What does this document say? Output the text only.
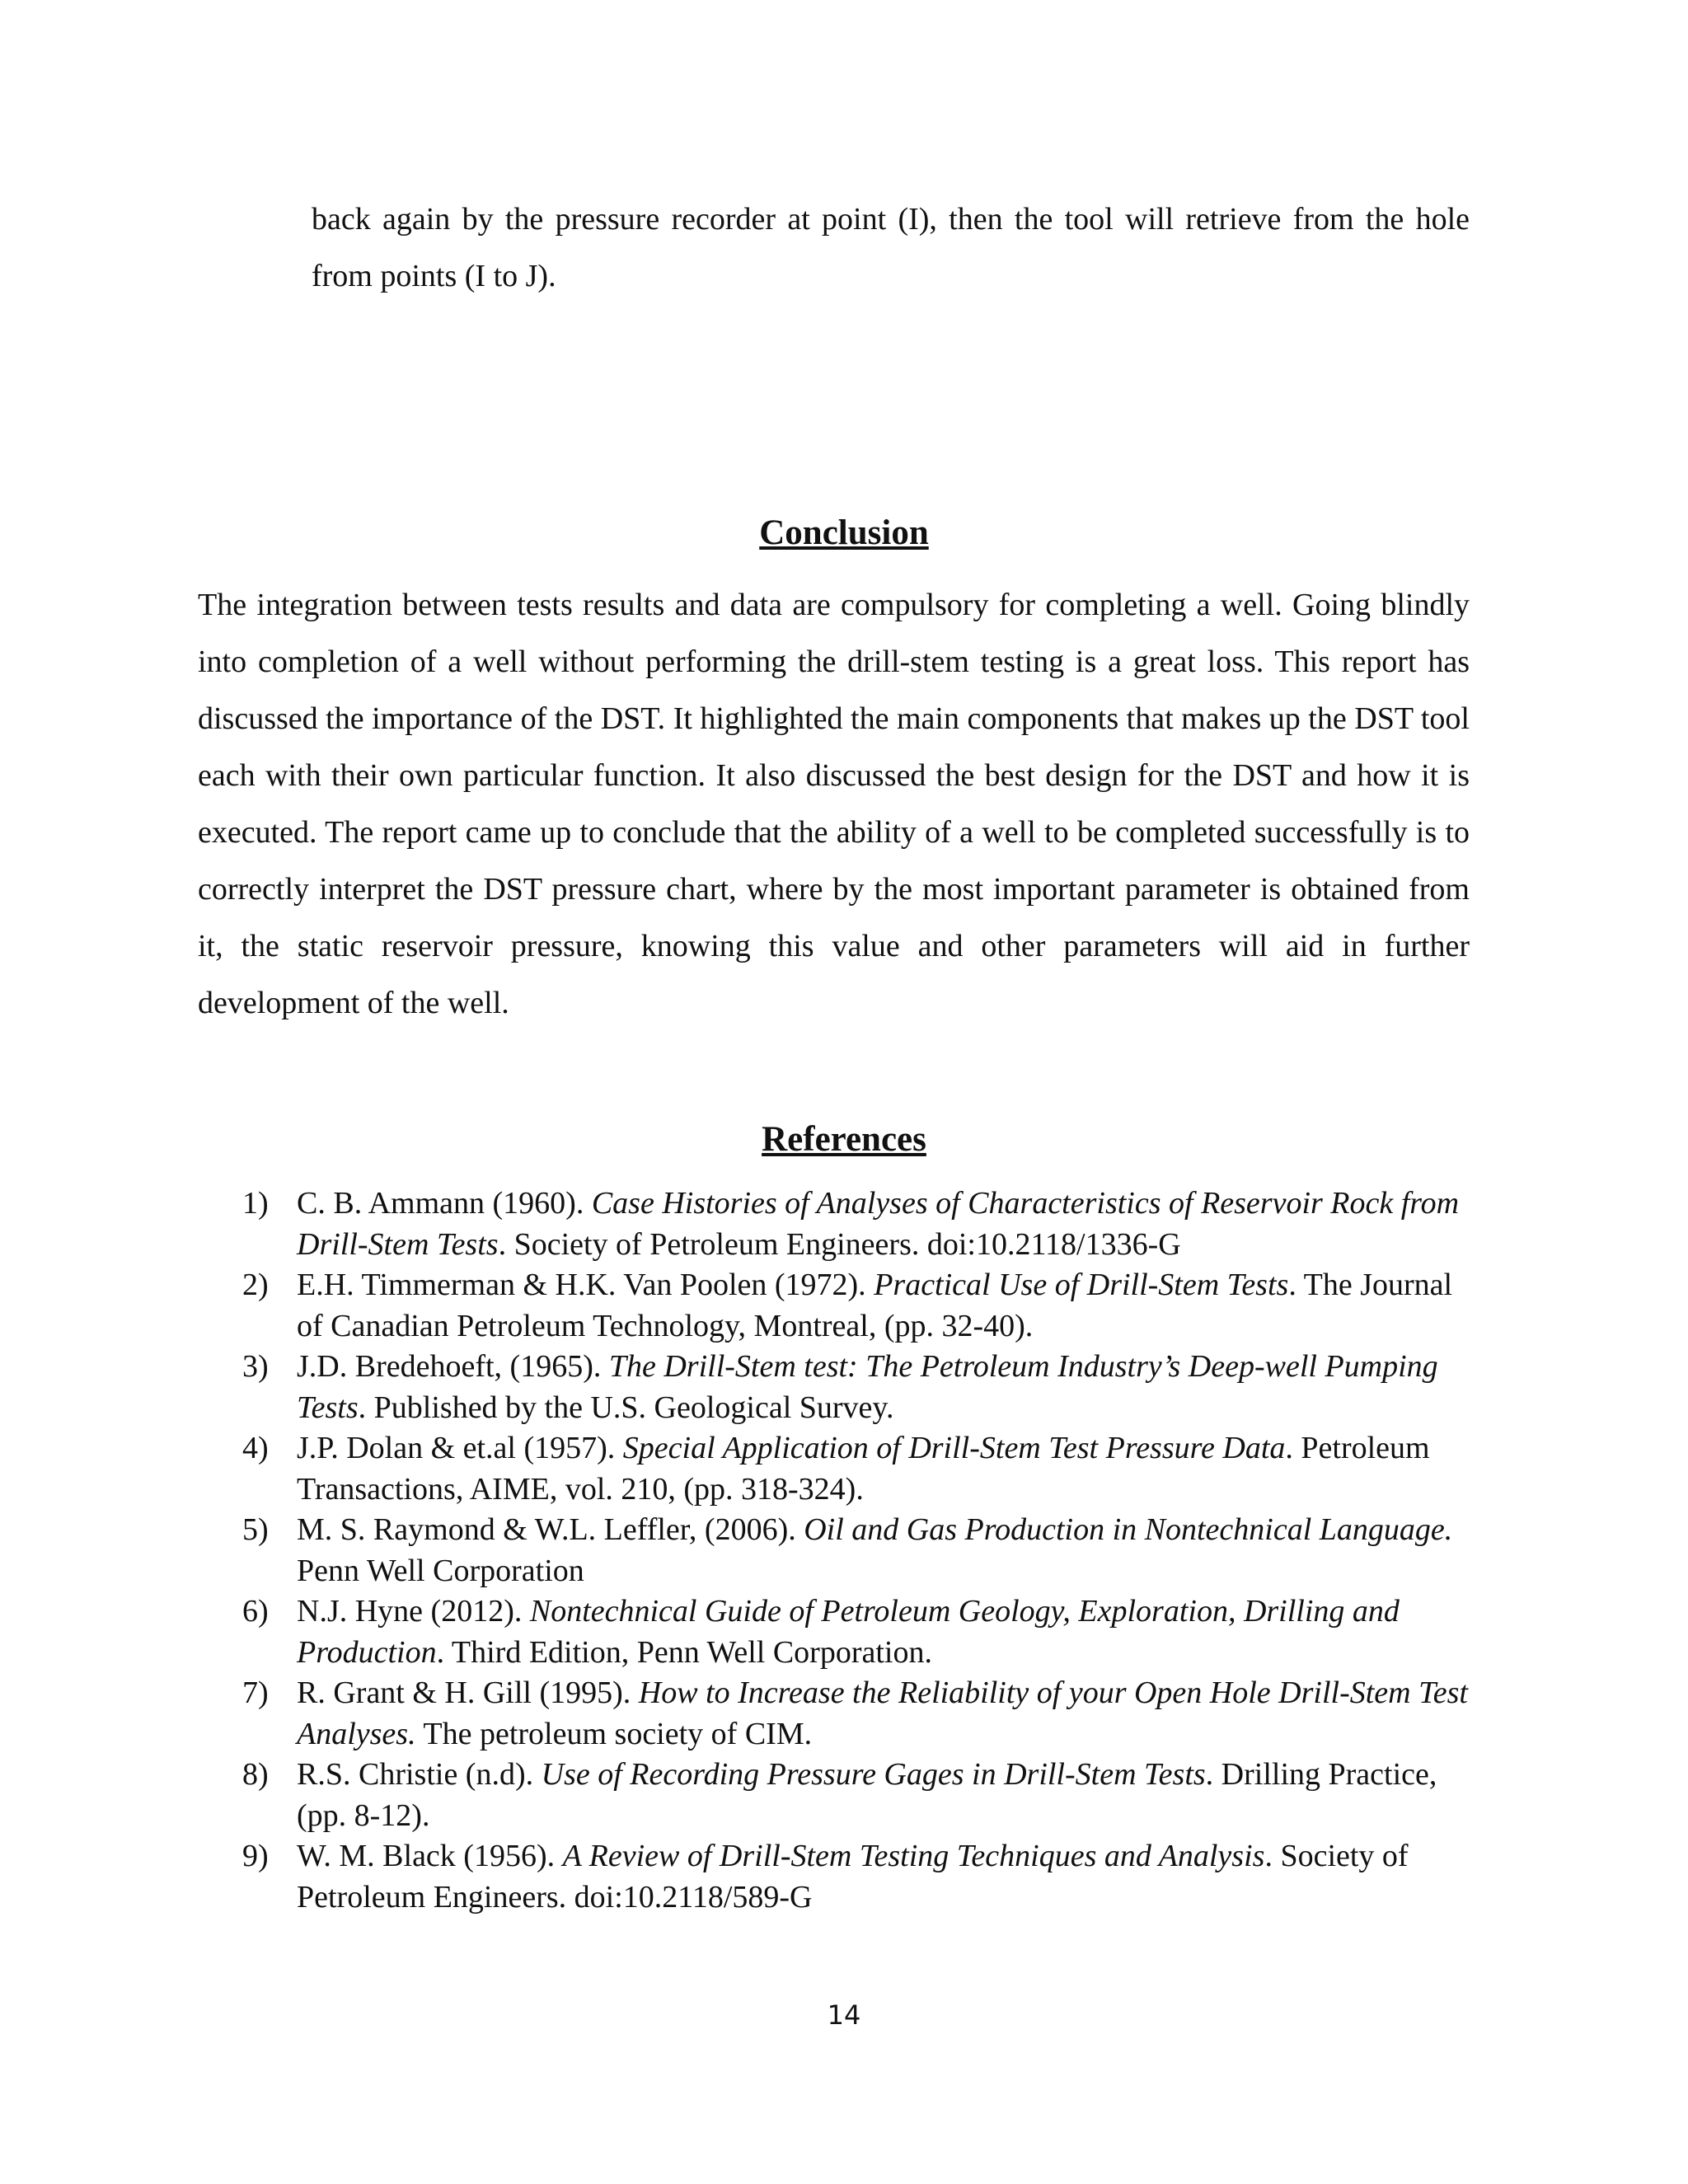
back again by the pressure recorder at point (I), then the tool will retrieve from the hole from points (I to J).

Conclusion

The integration between tests results and data are compulsory for completing a well. Going blindly into completion of a well without performing the drill-stem testing is a great loss. This report has discussed the importance of the DST. It highlighted the main components that makes up the DST tool each with their own particular function. It also discussed the best design for the DST and how it is executed. The report came up to conclude that the ability of a well to be completed successfully is to correctly interpret the DST pressure chart, where by the most important parameter is obtained from it, the static reservoir pressure, knowing this value and other parameters will aid in further development of the well.

References
1) C. B. Ammann (1960). Case Histories of Analyses of Characteristics of Reservoir Rock from Drill-Stem Tests. Society of Petroleum Engineers. doi:10.2118/1336-G
2) E.H. Timmerman & H.K. Van Poolen (1972). Practical Use of Drill-Stem Tests. The Journal of Canadian Petroleum Technology, Montreal, (pp. 32-40).
3) J.D. Bredehoeft, (1965). The Drill-Stem test: The Petroleum Industry’s Deep-well Pumping Tests. Published by the U.S. Geological Survey.
4) J.P. Dolan & et.al (1957). Special Application of Drill-Stem Test Pressure Data. Petroleum Transactions, AIME, vol. 210, (pp. 318-324).
5) M. S. Raymond & W.L. Leffler, (2006). Oil and Gas Production in Nontechnical Language. Penn Well Corporation
6) N.J. Hyne (2012). Nontechnical Guide of Petroleum Geology, Exploration, Drilling and Production. Third Edition, Penn Well Corporation.
7) R. Grant & H. Gill (1995). How to Increase the Reliability of your Open Hole Drill-Stem Test Analyses. The petroleum society of CIM.
8) R.S. Christie (n.d). Use of Recording Pressure Gages in Drill-Stem Tests. Drilling Practice, (pp. 8-12).
9) W. M. Black (1956). A Review of Drill-Stem Testing Techniques and Analysis. Society of Petroleum Engineers. doi:10.2118/589-G

14
